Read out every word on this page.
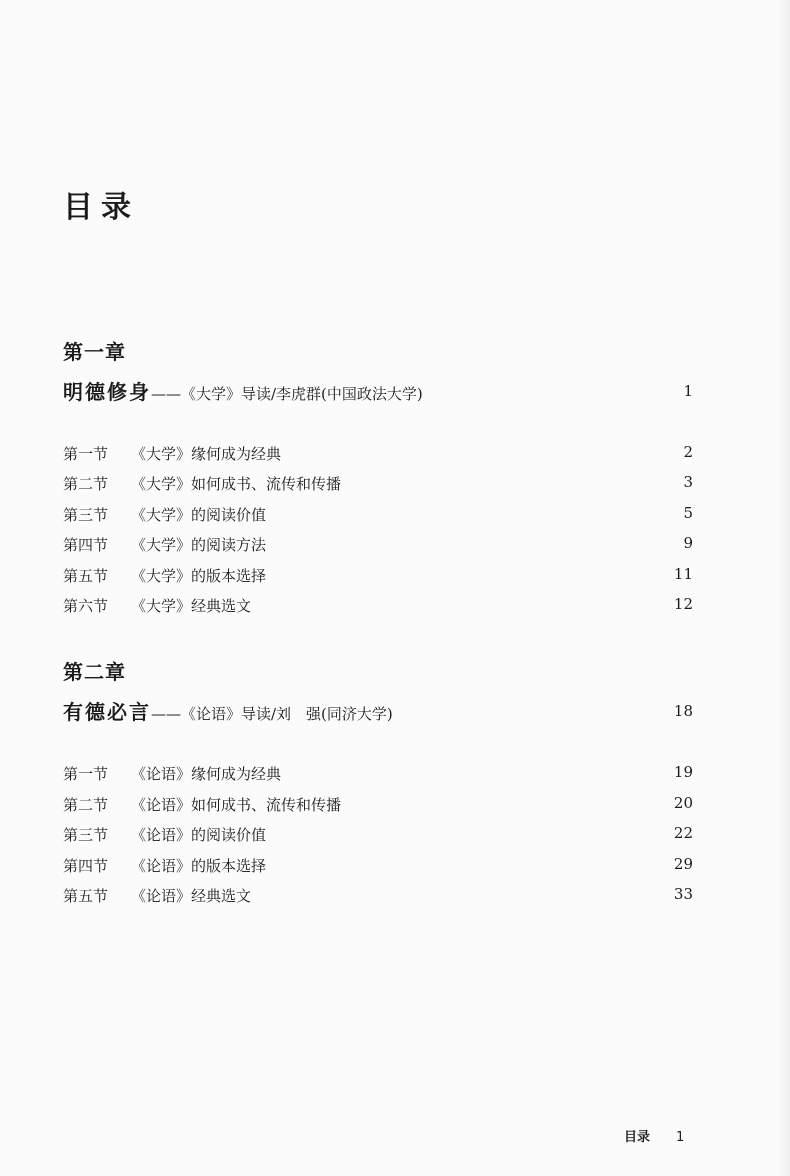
目录
第一章
明德修身——《大学》导读/李虎群(中国政法大学)	1
第一节 《大学》缘何成为经典	2
第二节 《大学》如何成书、流传和传播	3
第三节 《大学》的阅读价值	5
第四节 《大学》的阅读方法	9
第五节 《大学》的版本选择	11
第六节 《大学》经典选文	12
第二章
有德必言——《论语》导读/刘　强(同济大学)	18
第一节 《论语》缘何成为经典	19
第二节 《论语》如何成书、流传和传播	20
第三节 《论语》的阅读价值	22
第四节 《论语》的版本选择	29
第五节 《论语》经典选文	33
目录 1
